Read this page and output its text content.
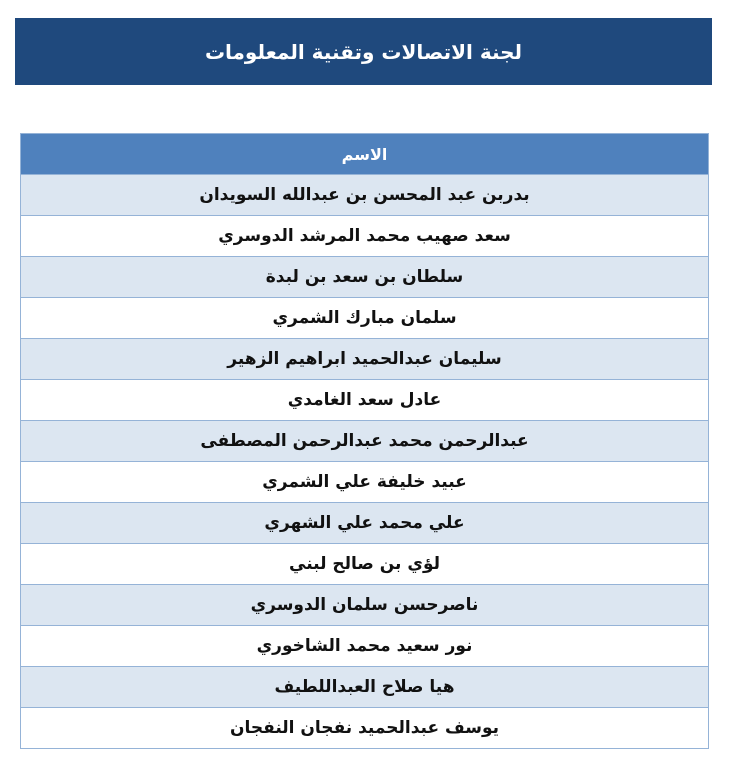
لجنة الاتصالات وتقنية المعلومات
الاسم
بدربن عبد المحسن بن عبدالله السويدان
سعد صهيب محمد المرشد الدوسري
سلطان بن سعد بن لبدة
سلمان مبارك الشمري
سليمان عبدالحميد ابراهيم الزهير
عادل سعد الغامدي
عبدالرحمن محمد عبدالرحمن المصطفى
عبيد خليفة علي الشمري
علي محمد علي الشهري
لؤي بن صالح لبني
ناصرحسن سلمان الدوسري
نور سعيد محمد الشاخوري
هيا صلاح العبداللطيف
يوسف عبدالحميد نفجان النفجان
